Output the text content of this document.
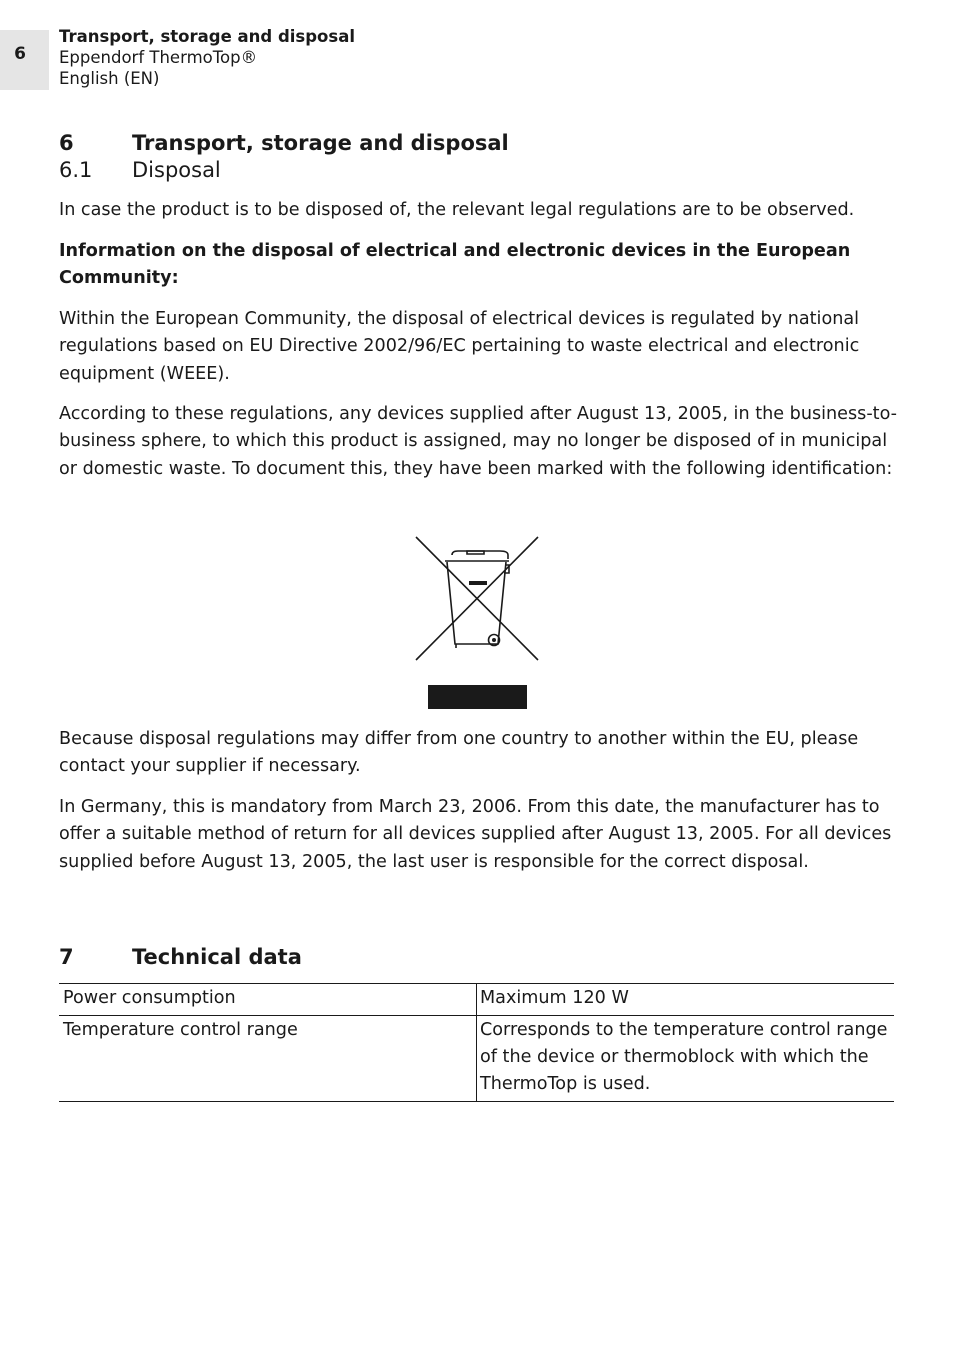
6
Transport, storage and disposal
Eppendorf ThermoTop®
English (EN)
6	Transport, storage and disposal
6.1 Disposal
In case the product is to be disposed of, the relevant legal regulations are to be observed.
Information on the disposal of electrical and electronic devices in the European Community:
Within the European Community, the disposal of electrical devices is regulated by national regulations based on EU Directive 2002/96/EC pertaining to waste electrical and electronic equipment (WEEE).
According to these regulations, any devices supplied after August 13, 2005, in the business-to-business sphere, to which this product is assigned, may no longer be disposed of in municipal or domestic waste. To document this, they have been marked with the following identification:
Because disposal regulations may differ from one country to another within the EU, please contact your supplier if necessary.
In Germany, this is mandatory from March 23, 2006. From this date, the manufacturer has to offer a suitable method of return for all devices supplied after August 13, 2005. For all devices supplied before August 13, 2005, the last user is responsible for the correct disposal.
7	Technical data
Power consumption	Maximum 120 W
Temperature control range	Corresponds to the temperature control range of the device or thermoblock with which the ThermoTop is used.
